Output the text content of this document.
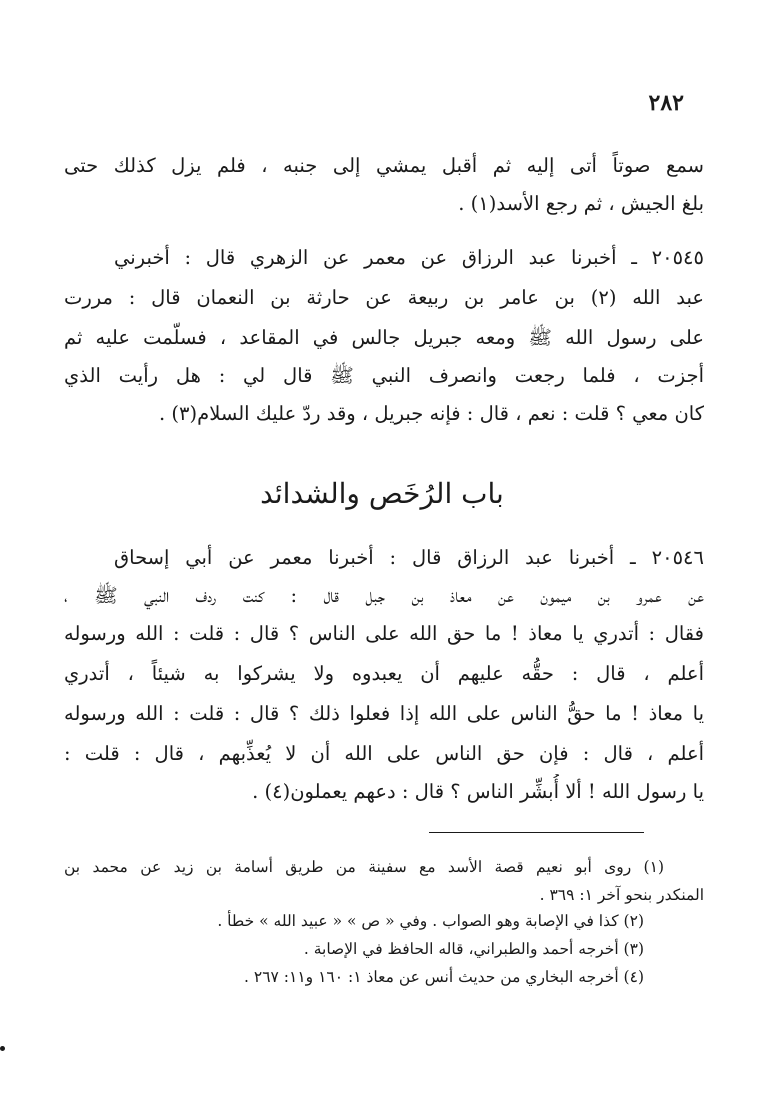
٢٨٢
سمع صوتاً أتى إليه ثم أقبل يمشي إلى جنبه ، فلم يزل كذلك حتى
بلغ الجيش ، ثم رجع الأسد(١) .
٢٠٥٤٥ ـ أخبرنا عبد الرزاق عن معمر عن الزهري قال : أخبرني
عبد الله (٢) بن عامر بن ربيعة عن حارثة بن النعمان قال : مررت
على رسول الله ﷺ ومعه جبريل جالس في المقاعد ، فسلّمت عليه ثم
أجزت ، فلما رجعت وانصرف النبي ﷺ قال لي : هل رأيت الذي
كان معي ؟ قلت : نعم ، قال : فإنه جبريل ، وقد ردّ عليك السلام(٣) .
باب الرُخَص والشدائد
٢٠٥٤٦ ـ أخبرنا عبد الرزاق قال : أخبرنا معمر عن أبي إسحاق
عن عمرو بن ميمون عن معاذ بن جبل قال : كنت ردف النبي ﷺ ،
فقال : أتدري يا معاذ ! ما حق الله على الناس ؟ قال : قلت : الله ورسوله
أعلم ، قال : حقُّه عليهم أن يعبدوه ولا يشركوا به شيئاً ، أتدري
يا معاذ ! ما حقُّ الناس على الله إذا فعلوا ذلك ؟ قال : قلت : الله ورسوله
أعلم ، قال : فإن حق الناس على الله أن لا يُعذِّبهم ، قال : قلت :
يا رسول الله ! ألا أُبشِّر الناس ؟ قال : دعهم يعملون(٤) .
(١) روى أبو نعيم قصة الأسد مع سفينة من طريق أسامة بن زيد عن محمد بن
المنكدر بنحو آخر ١: ٣٦٩ .
(٢) كذا في الإصابة وهو الصواب . وفي « ص » « عبيد الله » خطأ .
(٣) أخرجه أحمد والطبراني، قاله الحافظ في الإصابة .
(٤) أخرجه البخاري من حديث أنس عن معاذ ١: ١٦٠ و١١: ٢٦٧ .
